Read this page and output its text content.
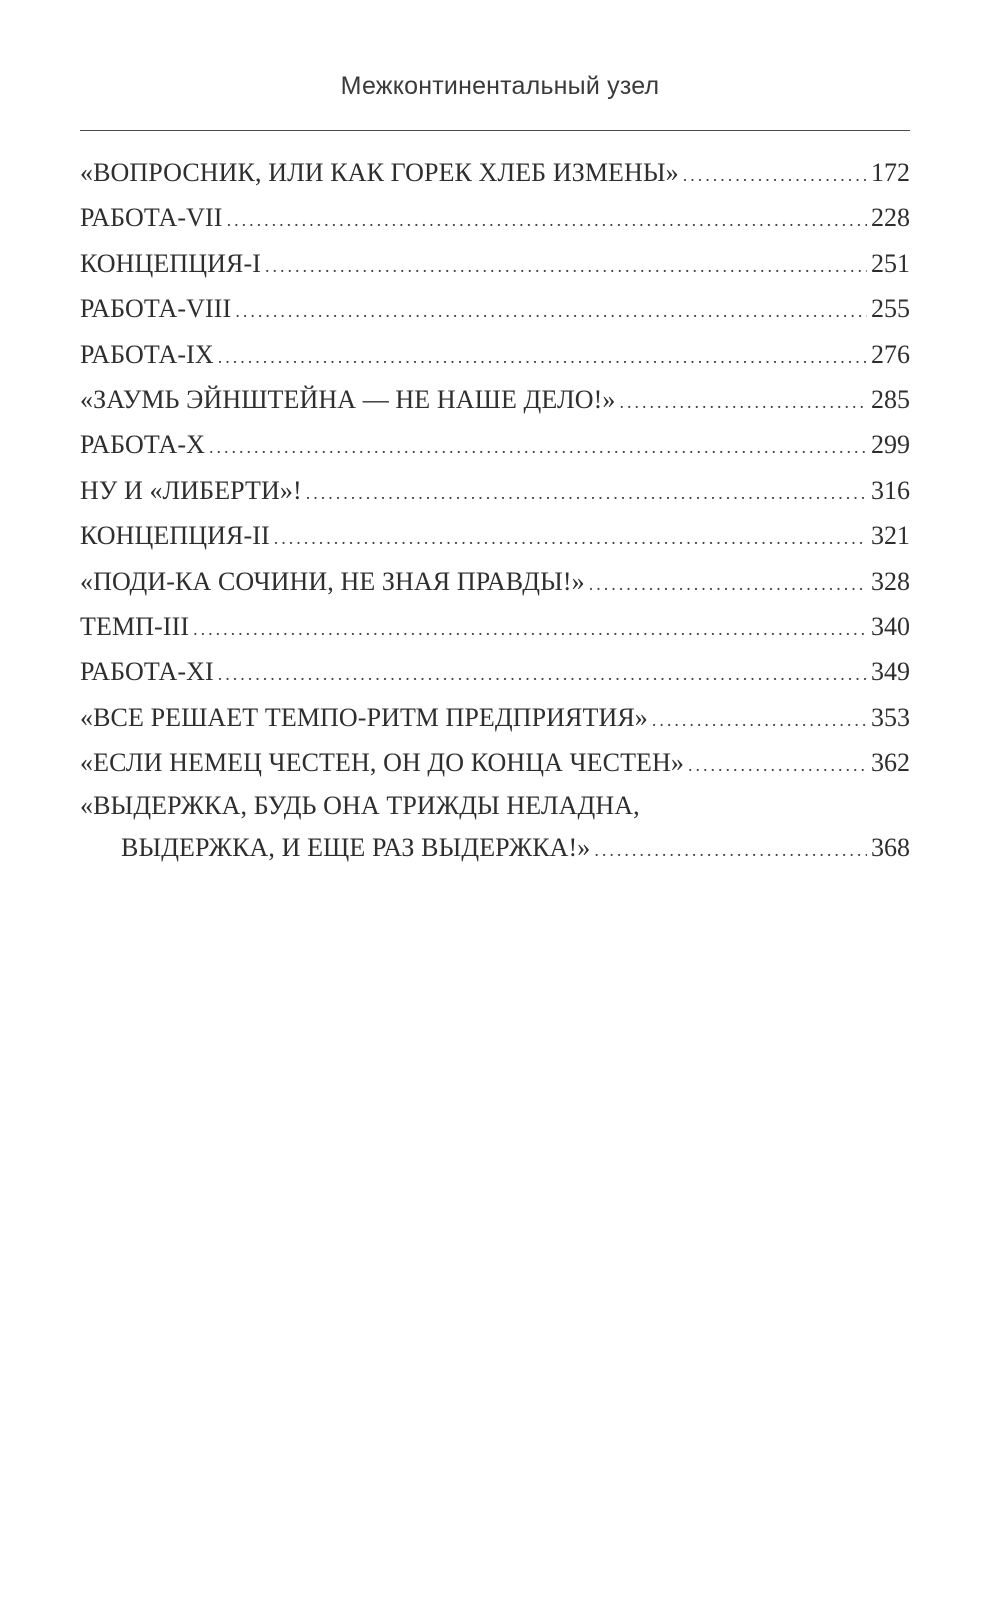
Межконтинентальный узел
«ВОПРОСНИК, ИЛИ КАК ГОРЕК ХЛЕБ ИЗМЕНЫ» .....	172
РАБОТА-VII .....	228
КОНЦЕПЦИЯ-I .....	251
РАБОТА-VIII .....	255
РАБОТА-IX .....	276
«ЗАУМЬ ЭЙНШТЕЙНА — НЕ НАШЕ ДЕЛО!» .....	285
РАБОТА-X .....	299
НУ И «ЛИБЕРТИ»! .....	316
КОНЦЕПЦИЯ-II .....	321
«ПОДИ-КА СОЧИНИ, НЕ ЗНАЯ ПРАВДЫ!» .....	328
ТЕМП-III .....	340
РАБОТА-XI .....	349
«ВСЕ РЕШАЕТ ТЕМПО-РИТМ ПРЕДПРИЯТИЯ» .....	353
«ЕСЛИ НЕМЕЦ ЧЕСТЕН, ОН ДО КОНЦА ЧЕСТЕН» .....	362
«ВЫДЕРЖКА, БУДЬ ОНА ТРИЖДЫ НЕЛАДНА,
ВЫДЕРЖКА, И ЕЩЕ РАЗ ВЫДЕРЖКА!» .....	368
